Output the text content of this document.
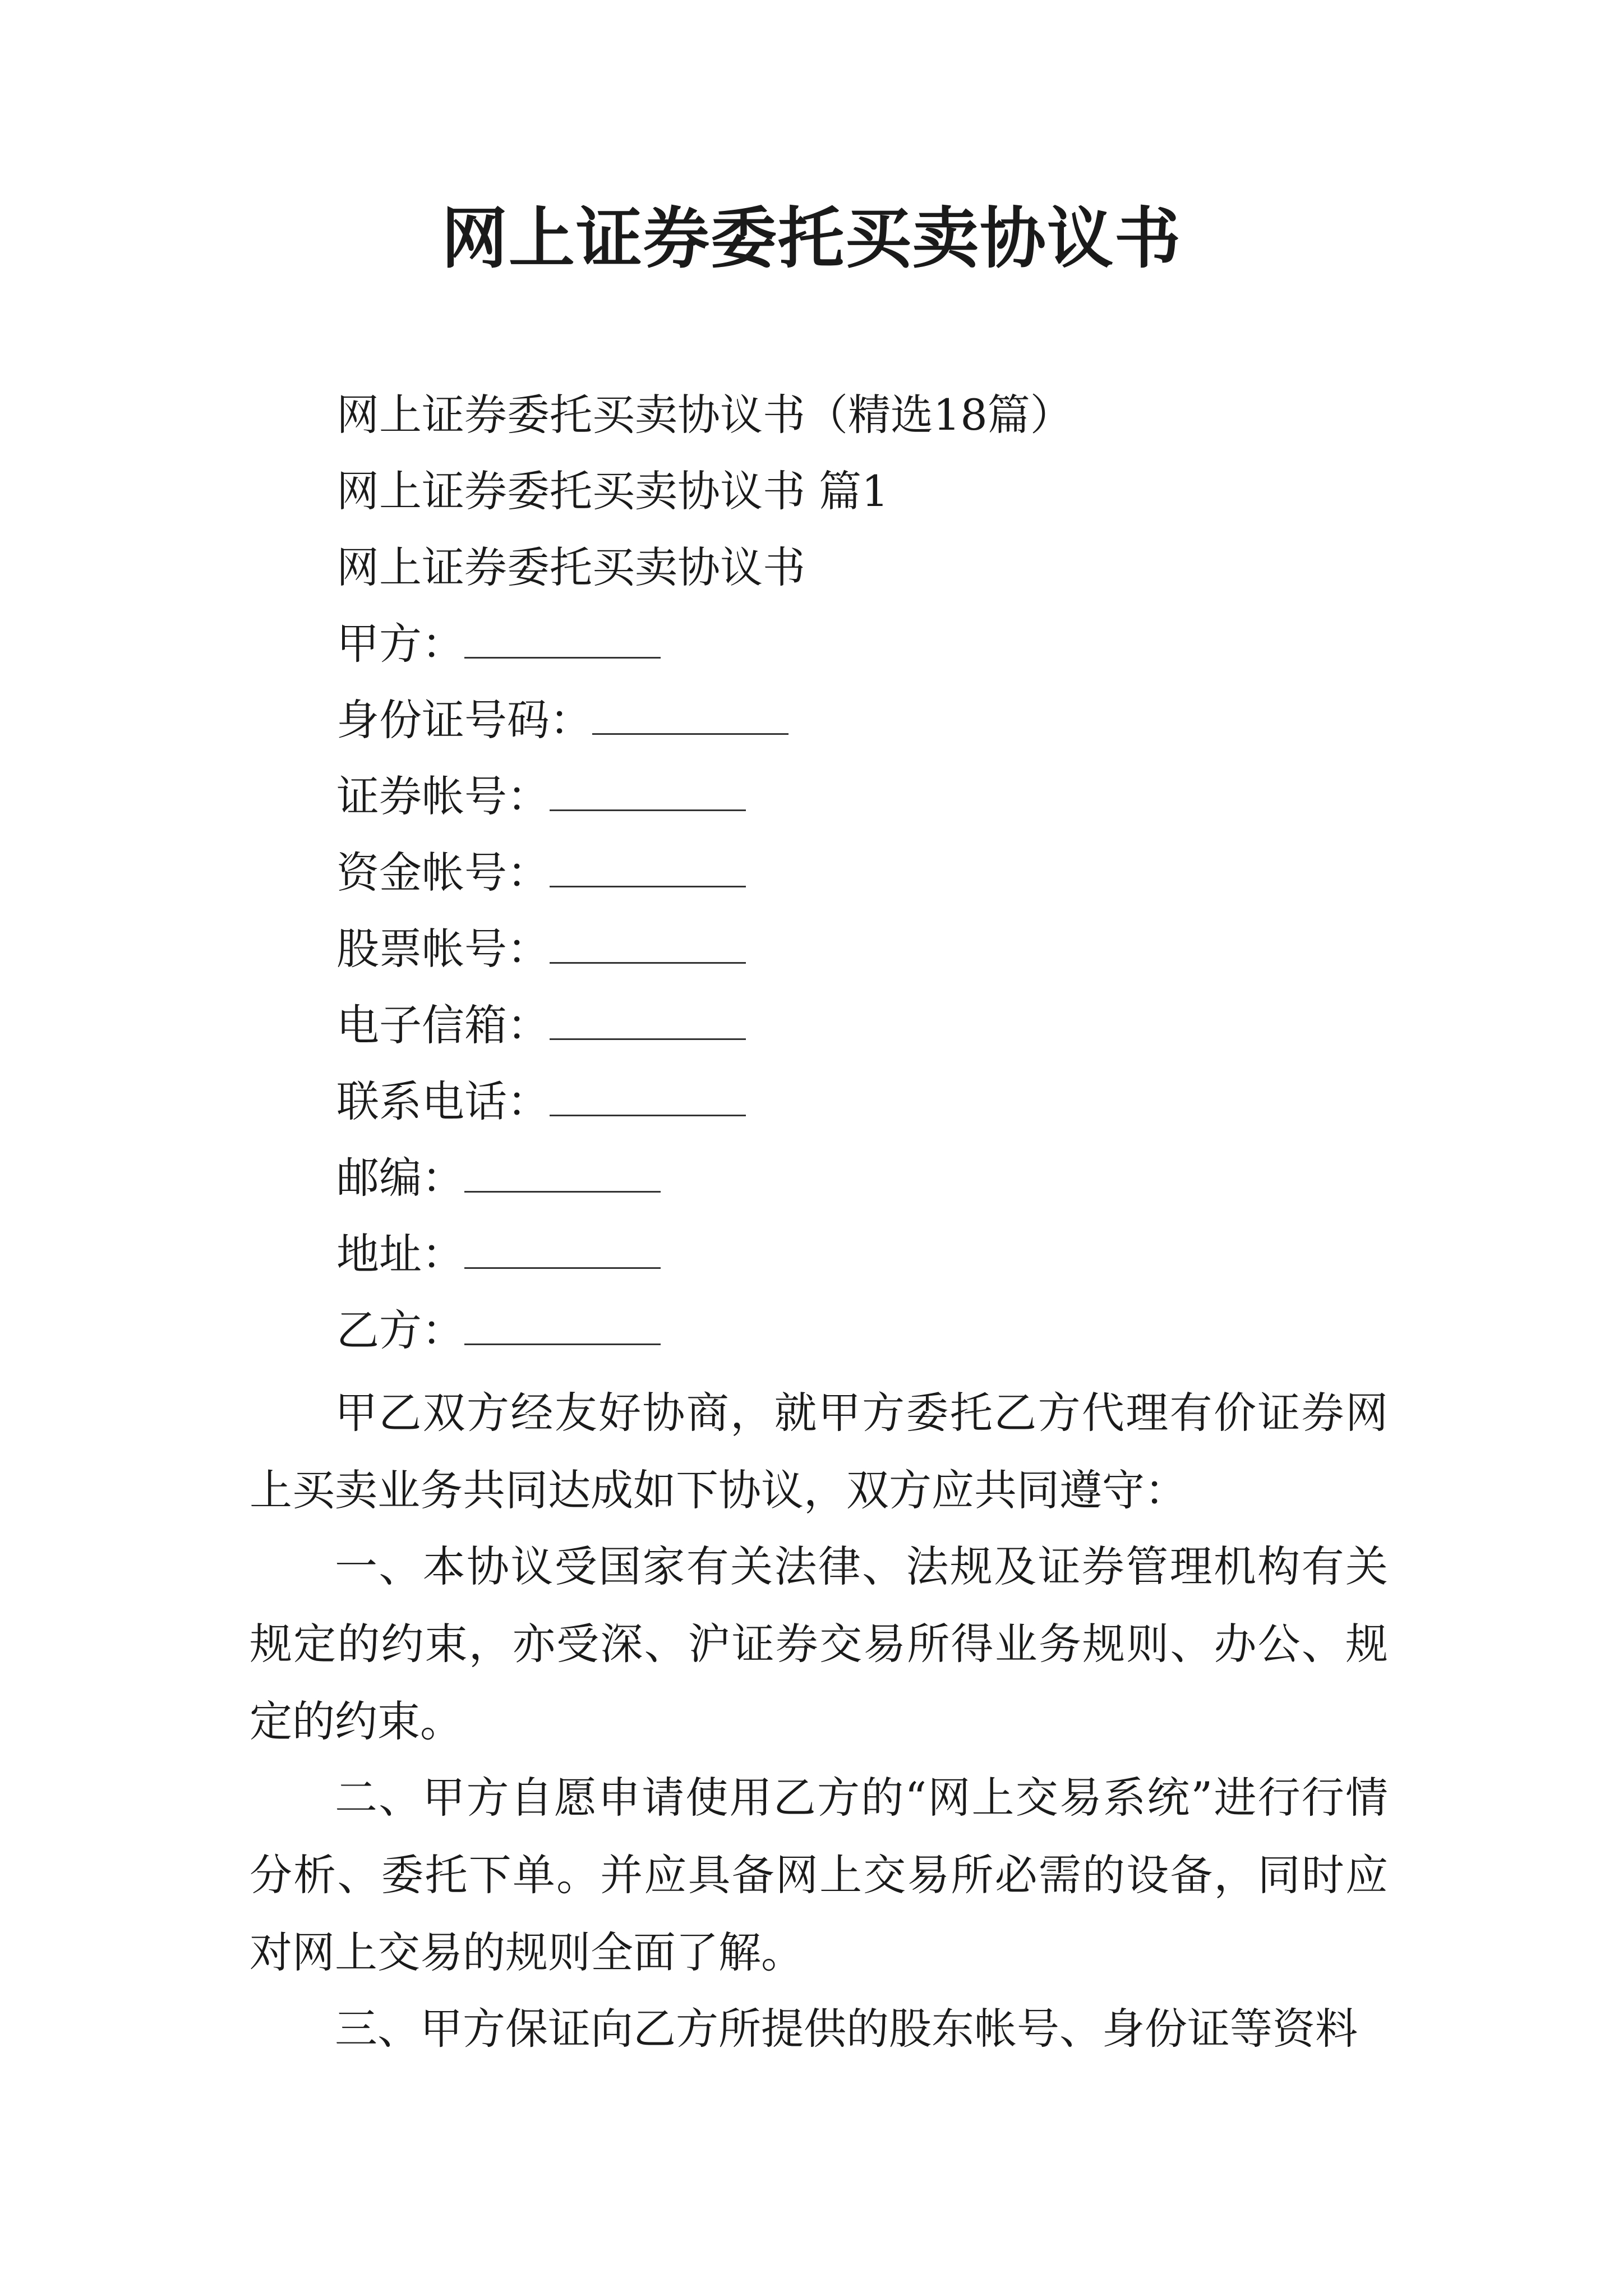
网上证券委托买卖协议书
网上证券委托买卖协议书（精选18篇）
网上证券委托买卖协议书 篇1
网上证券委托买卖协议书
甲方：
身份证号码：
证券帐号：
资金帐号：
股票帐号：
电子信箱：
联系电话：
邮编：
地址：
乙方：
甲乙双方经友好协商，就甲方委托乙方代理有价证券网上买卖业务共同达成如下协议，双方应共同遵守：
一、本协议受国家有关法律、法规及证券管理机构有关规定的约束，亦受深、沪证券交易所得业务规则、办公、规定的约束。
二、甲方自愿申请使用乙方的“网上交易系统”进行行情分析、委托下单。并应具备网上交易所必需的设备，同时应对网上交易的规则全面了解。
三、甲方保证向乙方所提供的股东帐号、身份证等资料
